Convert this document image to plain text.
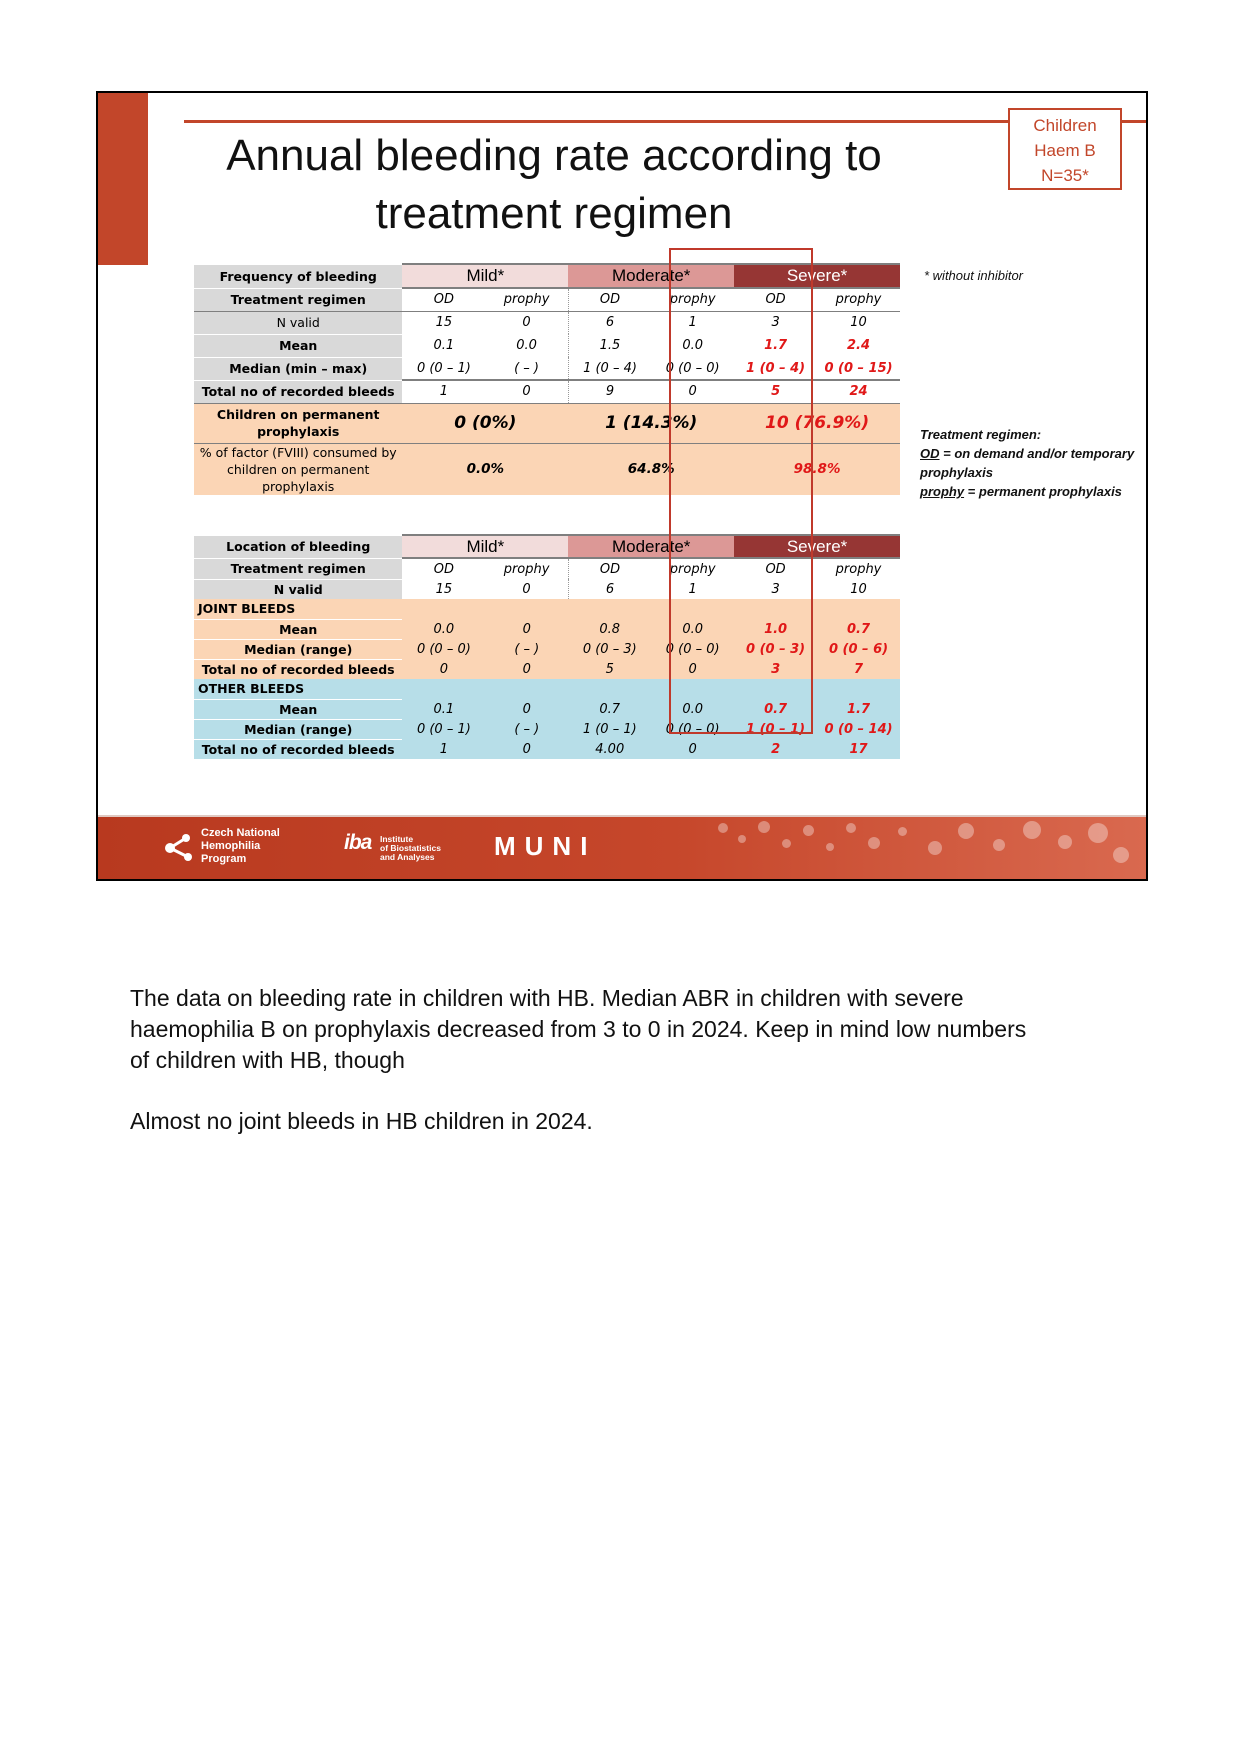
Annual bleeding rate according to
treatment regimen
Children
Haem B
N=35*
* without inhibitor
Treatment regimen:
OD = on demand and/or temporary prophylaxis
prophy = permanent prophylaxis
Frequency of bleeding	Mild*		Moderate*		Severe*	
Treatment regimen	OD	prophy	OD	prophy	OD	prophy
N valid	15	0	6	1	3	10
Mean	0.1	0.0	1.5	0.0	1.7	2.4
Median (min – max)	0 (0 – 1)	( – )	1 (0 – 4)	0 (0 – 0)	1 (0 – 4)	0 (0 – 15)
Total no of recorded bleeds	1	0	9	0	5	24
Children on permanent prophylaxis	0 (0%)		1 (14.3%)		10 (76.9%)	
% of factor (FVIII) consumed by children on permanent prophylaxis	0.0%		64.8%		98.8%	
Location of bleeding	Mild*		Moderate*		Severe*	
Treatment regimen	OD	prophy	OD	prophy	OD	prophy
N valid	15	0	6	1	3	10
JOINT BLEEDS						
Mean	0.0	0	0.8	0.0	1.0	0.7
Median (range)	0 (0 – 0)	( – )	0 (0 – 3)	0 (0 – 0)	0 (0 – 3)	0 (0 – 6)
Total no of recorded bleeds	0	0	5	0	3	7
OTHER BLEEDS						
Mean	0.1	0	0.7	0.0	0.7	1.7
Median (range)	0 (0 – 1)	( – )	1 (0 – 1)	0 (0 – 0)	1 (0 – 1)	0 (0 – 14)
Total no of recorded bleeds	1	0	4.00	0	2	17
Czech National
Hemophilia
Program
iba Institute
of Biostatistics
and Analyses MUNI
The data on bleeding rate in children with HB. Median ABR in children with severe haemophilia B on prophylaxis decreased from 3 to 0 in 2024. Keep in mind low numbers of children with HB, though
Almost no joint bleeds in HB children in 2024.
